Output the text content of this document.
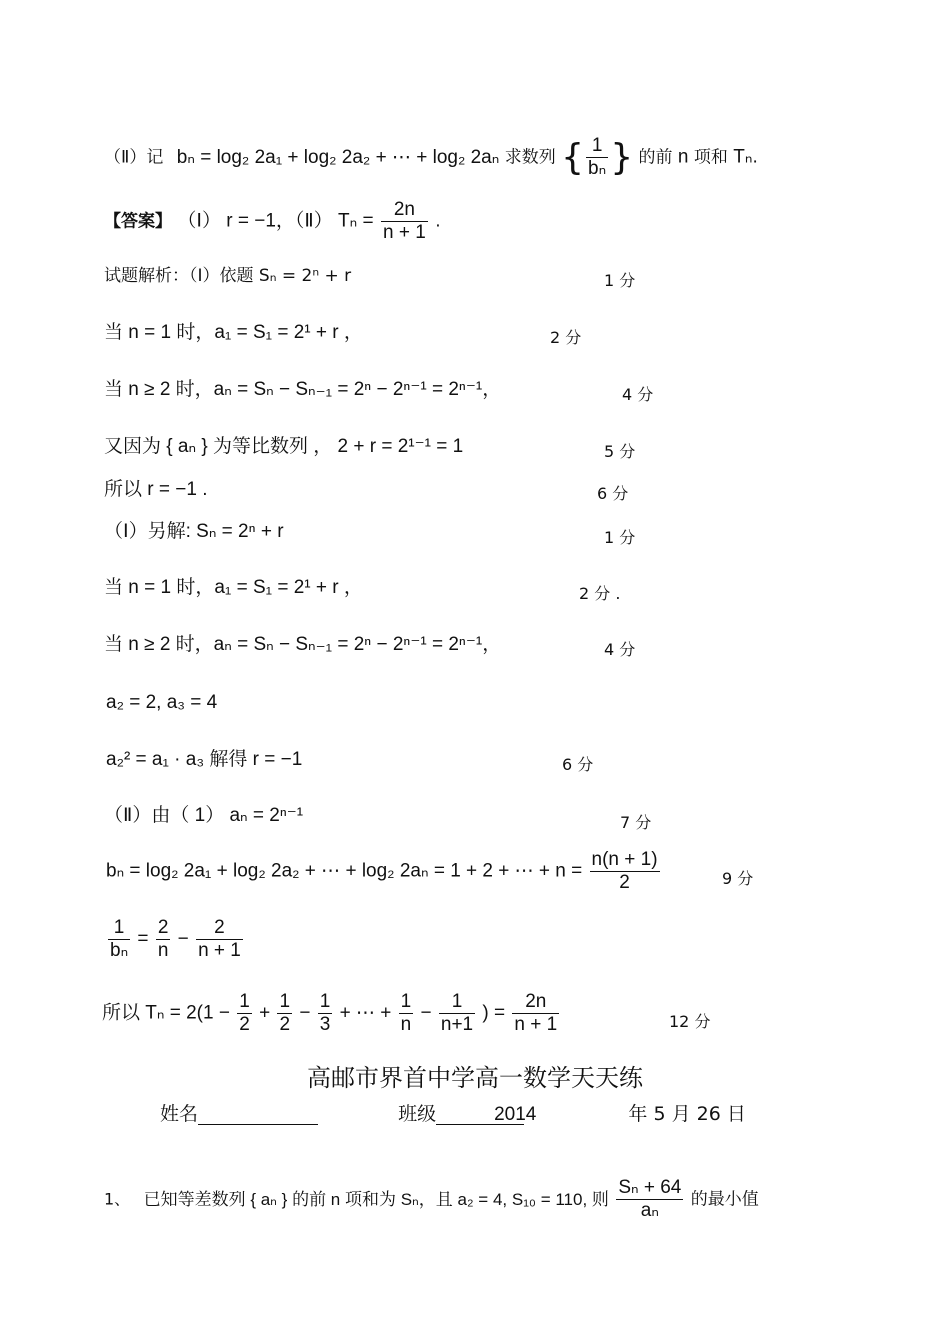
（Ⅱ）记 bₙ = log₂ 2a₁ + log₂ 2a₂ + ⋯ + log₂ 2aₙ 求数列 { $\frac{1}{\text{bₙ}}$ } 的前 n 项和 Tₙ.
【答案】 （Ⅰ） r = −1，（Ⅱ） $T_n = \frac{2n}{n + 1}$ .
试题解析：（Ⅰ）依题 Sₙ = 2ⁿ + r	1 分
当 n = 1 时，a₁ = S₁ = 2¹ + r ，	2 分
当 n ≥ 2 时，aₙ = Sₙ − Sₙ₋₁ = 2ⁿ − 2ⁿ⁻¹ = 2ⁿ⁻¹，	4 分
又因为 { aₙ } 为等比数列 ， 2 + r = 2¹⁻¹ = 1	5 分
所以 r = −1 .	6 分
（Ⅰ）另解: Sₙ = 2ⁿ + r	1 分
当 n = 1 时，a₁ = S₁ = 2¹ + r ，	2 分 .
当 n ≥ 2 时，aₙ = Sₙ − Sₙ₋₁ = 2ⁿ − 2ⁿ⁻¹ = 2ⁿ⁻¹，	4 分
a₂ = 2, a₃ = 4
a₂² = a₁ · a₃ 解得 r = −1	6 分
（Ⅱ）由（ 1） aₙ = 2ⁿ⁻¹	7 分
bₙ = log₂ 2a₁ + log₂ 2a₂ + ⋯ + log₂ 2aₙ = 1 + 2 + ⋯ + $n = \frac{n(n + 1)}{2}$	9 分
$\frac{1}{\text{bₙ}} = \frac{2}{n} - \frac{2}{n + 1}$
所以 $T_n = 2(1 - \frac{1}{2} + \frac{1}{2} - \frac{1}{3}$ + ⋯ + $\frac{1}{n} - \frac{1}{n+1}$ ) = $\frac{2n}{n + 1}$	12 分
高邮市界首中学高一数学天天练
姓名	班级	2014	年 5 月 26 日
1、 已知等差数列 { aₙ } 的前 n 项和为 Sₙ，且 a₂ = 4, S₁₀ = 110, 则 $\frac{\text{Sₙ + 64}}{\text{aₙ}}$ 的最小值
